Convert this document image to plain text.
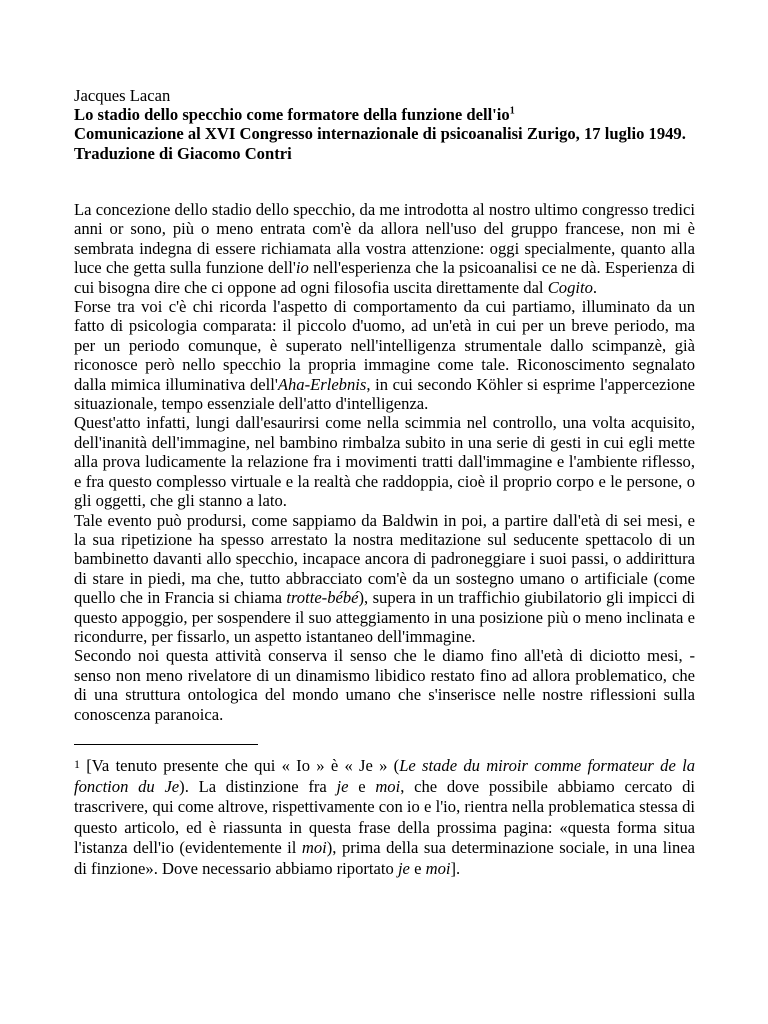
Jacques Lacan
Lo stadio dello specchio come formatore della funzione $dell'io^1$
Comunicazione al XVI Congresso internazionale di psicoanalisi Zurigo, 17 luglio 1949. Traduzione di Giacomo Contri

La concezione dello stadio dello specchio, da me introdotta al nostro ultimo congresso tredici anni or sono, più o meno entrata com'è da allora nell'uso del gruppo francese, non mi è sembrata indegna di essere richiamata alla vostra attenzione: oggi specialmente, quanto alla luce che getta sulla funzione dell'io nell'esperienza che la psicoanalisi ce ne dà. Esperienza di cui bisogna dire che ci oppone ad ogni filosofia uscita direttamente dal Cogito.

Forse tra voi c'è chi ricorda l'aspetto di comportamento da cui partiamo, illuminato da un fatto di psicologia comparata: il piccolo d'uomo, ad un'età in cui per un breve periodo, ma per un periodo comunque, è superato nell'intelligenza strumentale dallo scimpanzè, già riconosce però nello specchio la propria immagine come tale. Riconoscimento segnalato dalla mimica illuminativa dell'Aha-Erlebnis, in cui secondo Köhler si esprime l'appercezione situazionale, tempo essenziale dell'atto d'intelligenza.

Quest'atto infatti, lungi dall'esaurirsi come nella scimmia nel controllo, una volta acquisito, dell'inanità dell'immagine, nel bambino rimbalza subito in una serie di gesti in cui egli mette alla prova ludicamente la relazione fra i movimenti tratti dall'immagine e l'ambiente riflesso, e fra questo complesso virtuale e la realtà che raddoppia, cioè il proprio corpo e le persone, o gli oggetti, che gli stanno a lato.

Tale evento può prodursi, come sappiamo da Baldwin in poi, a partire dall'età di sei mesi, e la sua ripetizione ha spesso arrestato la nostra meditazione sul seducente spettacolo di un bambinetto davanti allo specchio, incapace ancora di padroneggiare i suoi passi, o addirittura di stare in piedi, ma che, tutto abbracciato com'è da un sostegno umano o artificiale (come quello che in Francia si chiama trotte-bébé), supera in un traffichio giubilatorio gli impicci di questo appoggio, per sospendere il suo atteggiamento in una posizione più o meno inclinata e ricondurre, per fissarlo, un aspetto istantaneo dell'immagine.

Secondo noi questa attività conserva il senso che le diamo fino all'età di diciotto mesi, - senso non meno rivelatore di un dinamismo libidico restato fino ad allora problematico, che di una struttura ontologica del mondo umano che s'inserisce nelle nostre riflessioni sulla conoscenza paranoica.

1 [Va tenuto presente che qui « Io » è « Je » (Le stade du miroir comme formateur de la fonction du Je). La distinzione fra je e moi, che dove possibile abbiamo cercato di trascrivere, qui come altrove, rispettivamente con io e l'io, rientra nella problematica stessa di questo articolo, ed è riassunta in questa frase della prossima pagina: «questa forma situa l'istanza dell'io (evidentemente il moi), prima della sua determinazione sociale, in una linea di finzione». Dove necessario abbiamo riportato je e moi].
